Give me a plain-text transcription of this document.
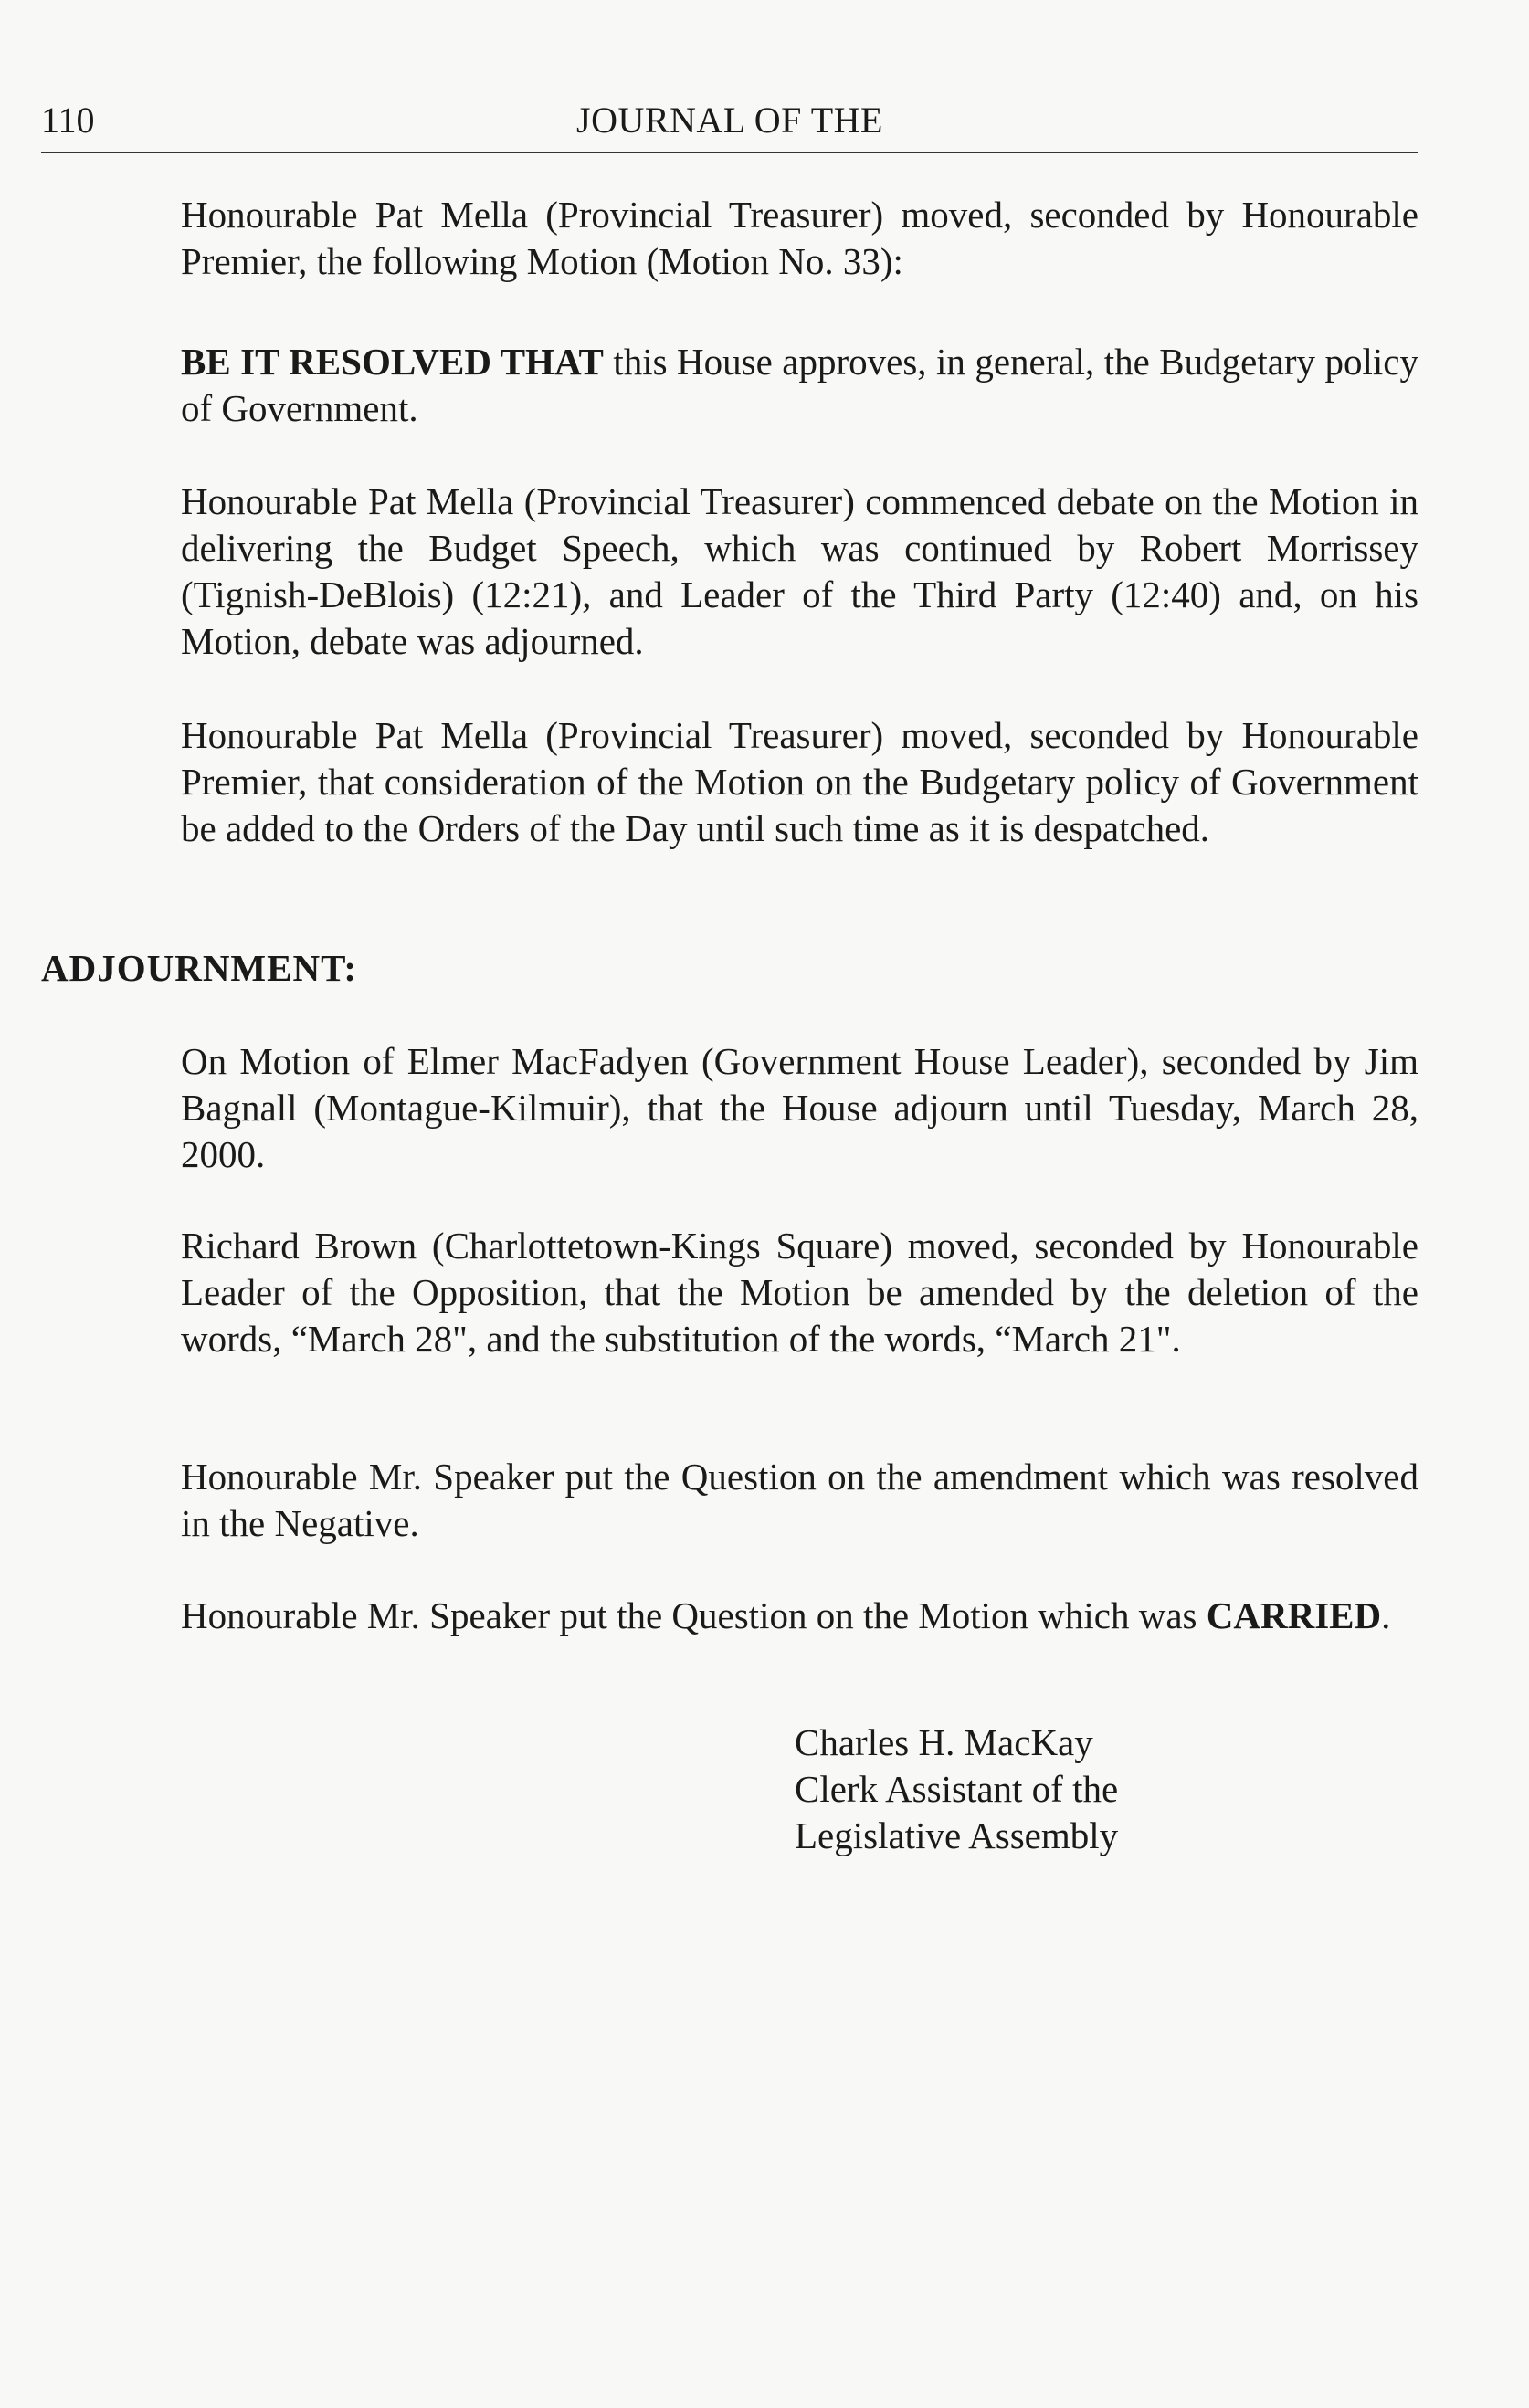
110	JOURNAL OF THE

Honourable Pat Mella (Provincial Treasurer) moved, seconded by Honourable Premier, the following Motion (Motion No. 33):

BE IT RESOLVED THAT this House approves, in general, the Budgetary policy of Government.

Honourable Pat Mella (Provincial Treasurer) commenced debate on the Motion in delivering the Budget Speech, which was continued by Robert Morrissey (Tignish-DeBlois) (12:21), and Leader of the Third Party (12:40) and, on his Motion, debate was adjourned.

Honourable Pat Mella (Provincial Treasurer) moved, seconded by Honourable Premier, that consideration of the Motion on the Budgetary policy of Government be added to the Orders of the Day until such time as it is despatched.

ADJOURNMENT:

On Motion of Elmer MacFadyen (Government House Leader), seconded by Jim Bagnall (Montague-Kilmuir), that the House adjourn until Tuesday, March 28, 2000.

Richard Brown (Charlottetown-Kings Square) moved, seconded by Honourable Leader of the Opposition, that the Motion be amended by the deletion of the words, “March 28", and the substitution of the words, “March 21".

Honourable Mr. Speaker put the Question on the amendment which was resolved in the Negative.

Honourable Mr. Speaker put the Question on the Motion which was CARRIED.

Charles H. MacKay
Clerk Assistant of the
Legislative Assembly
